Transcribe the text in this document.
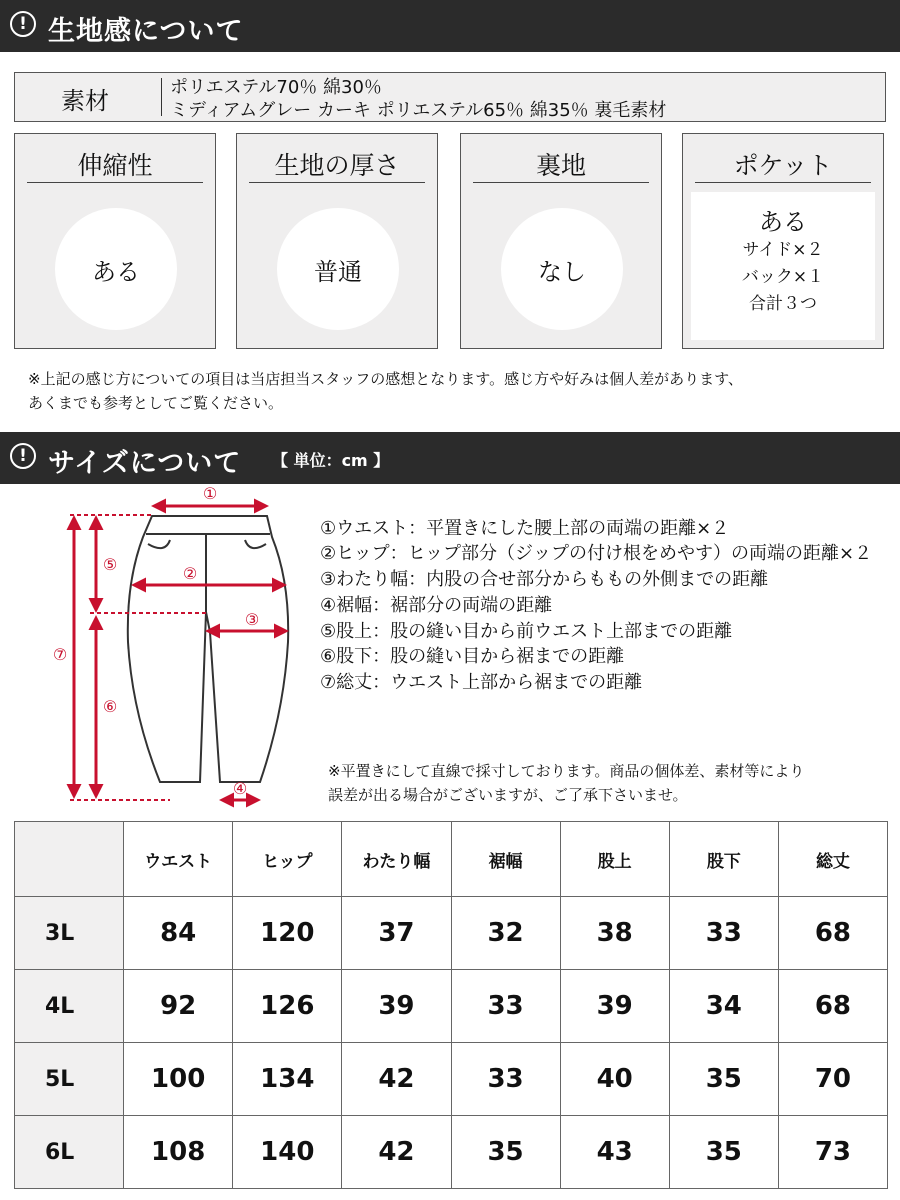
! 生地感について
素材	ポリエステル70％ 綿30％
ミディアムグレー カーキ ポリエステル65％ 綿35％ 裏毛素材
伸縮性
ある
生地の厚さ
普通
裏地
なし
ポケット
ある
サイド×２
バック×１
合計３つ
※上記の感じ方についての項目は当店担当スタッフの感想となります。感じ方や好みは個人差があります、
あくまでも参考としてご覧ください。
! サイズについて 【 単位：cm 】
①
②
③
④
⑤
⑥
⑦
①ウエスト：平置きにした腰上部の両端の距離×２
②ヒップ：ヒップ部分（ジップの付け根をめやす）の両端の距離×２
③わたり幅：内股の合せ部分からももの外側までの距離
④裾幅：裾部分の両端の距離
⑤股上：股の縫い目から前ウエスト上部までの距離
⑥股下：股の縫い目から裾までの距離
⑦総丈：ウエスト上部から裾までの距離
※平置きにして直線で採寸しております。商品の個体差、素材等により
誤差が出る場合がございますが、ご了承下さいませ。
	ウエスト	ヒップ	わたり幅	裾幅	股上	股下	総丈
3L	84	120	37	32	38	33	68
4L	92	126	39	33	39	34	68
5L	100	134	42	33	40	35	70
6L	108	140	42	35	43	35	73
